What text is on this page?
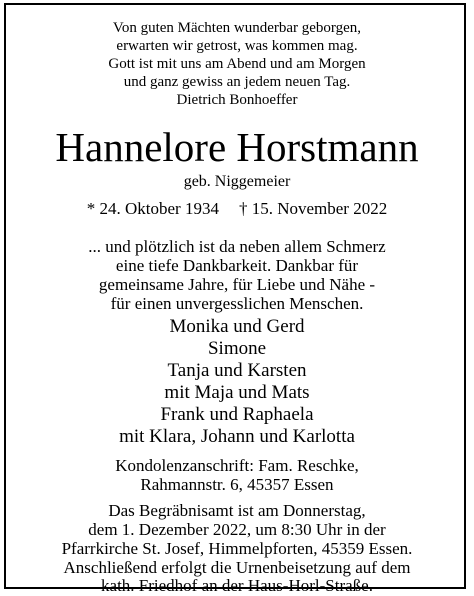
Von guten Mächten wunderbar geborgen,
erwarten wir getrost, was kommen mag.
Gott ist mit uns am Abend und am Morgen
und ganz gewiss an jedem neuen Tag.
Dietrich Bonhoeffer
Hannelore Horstmann
geb. Niggemeier
* 24. Oktober 1934 † 15. November 2022
... und plötzlich ist da neben allem Schmerz
eine tiefe Dankbarkeit. Dankbar für
gemeinsame Jahre, für Liebe und Nähe -
für einen unvergesslichen Menschen.
Monika und Gerd
Simone
Tanja und Karsten
mit Maja und Mats
Frank und Raphaela
mit Klara, Johann und Karlotta
Kondolenzanschrift: Fam. Reschke,
Rahmannstr. 6, 45357 Essen
Das Begräbnisamt ist am Donnerstag,
dem 1. Dezember 2022, um 8:30 Uhr in der
Pfarrkirche St. Josef, Himmelpforten, 45359 Essen.
Anschließend erfolgt die Urnenbeisetzung auf dem
kath. Friedhof an der Haus-Horl-Straße.
